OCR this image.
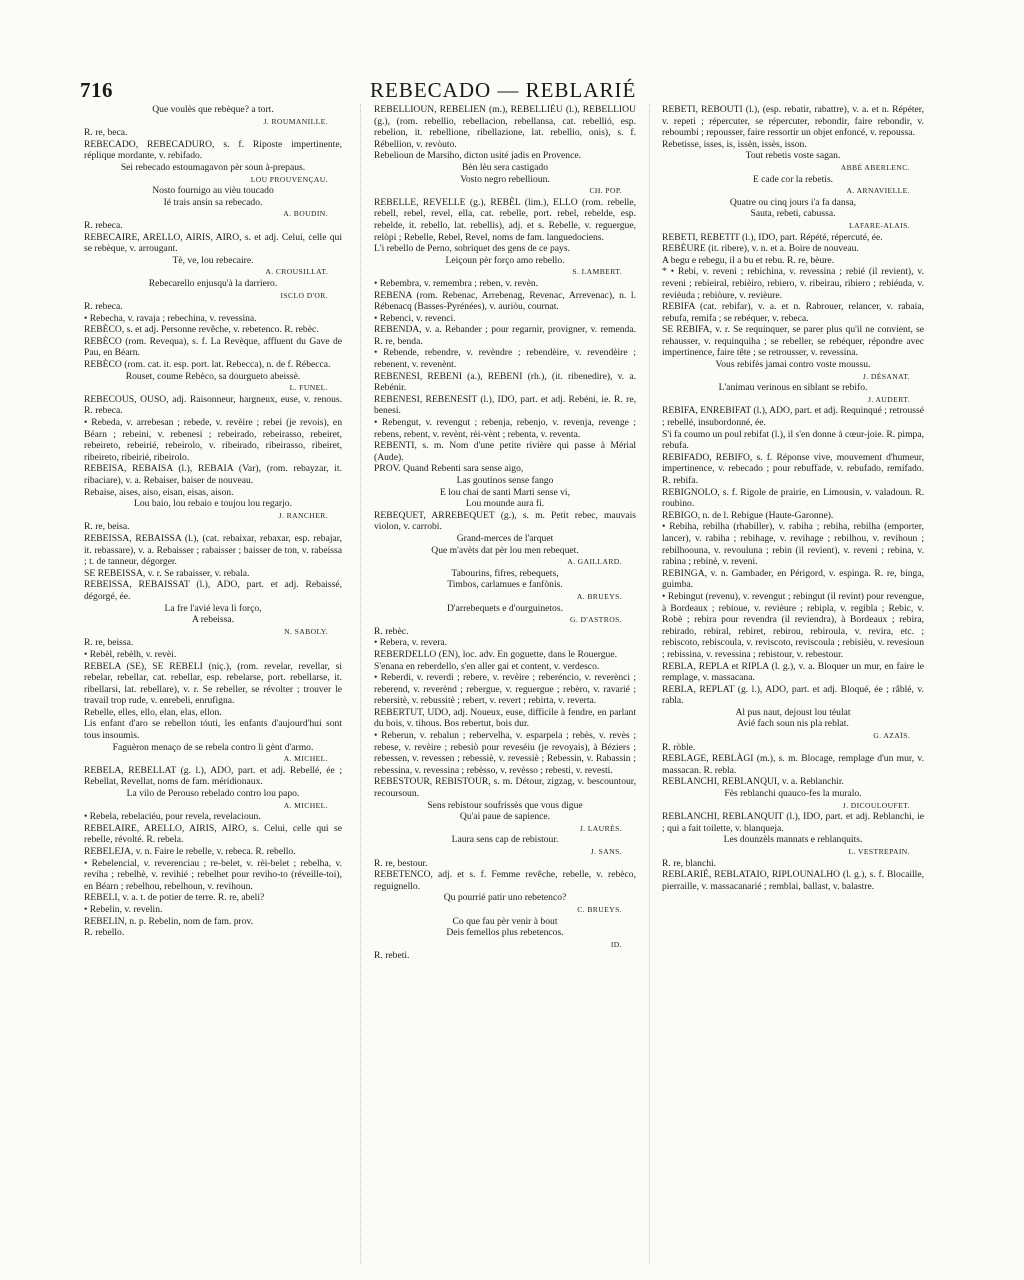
716	REBECADO — REBLARIÉ

Que voulès que rebèque? a tort.

J. ROUMANILLE.

R. re, beca.

REBECADO, REBECADURO, s. f. Riposte impertinente, réplique mordante, v. rebifado.

Sei rebecado estoumagavon pèr soun à-prepaus.

LOU PROUVENÇAU.

Nosto fournigo au vièu toucado

Ié trais ansin sa rebecado.

A. BOUDIN.

R. rebeca.

REBECAIRE, ARELLO, AIRIS, AIRO, s. et adj. Celui, celle qui se rebèque, v. arrougant.

Tè, ve, lou rebecaire.

A. CROUSILLAT.

Rebecarello enjusqu'à la darriero.

ISCLO D'OR.

R. rebeca.

• Rebecha, v. ravaja ; rebechina, v. revessina.

REBÈCO, s. et adj. Personne revêche, v. rebetenco. R. rebèc.

REBÈCO (rom. Revequa), s. f. La Revèque, affluent du Gave de Pau, en Béarn.

REBÈCO (rom. cat. it. esp. port. lat. Rebecca), n. de f. Rébecca.

Rouset, coume Rebèco, sa dourgueto abeissè.

L. FUNEL.

REBECOUS, OUSO, adj. Raisonneur, hargneux, euse, v. renous. R. rebeca.

• Rebeda, v. arrebesan ; rebede, v. revèire ; rebei (je revois), en Béarn ; rebeini, v. rebenesi ; rebeirado, rebeirasso, rebeiret, rebeireto, rebeirié, rebeirolo, v. ribeirado, ribeirasso, ribeiret, ribeireto, ribeirié, ribeirolo.

REBEISA, REBAISA (l.), REBAIA (Var), (rom. rebayzar, it. ribaciare), v. a. Rebaiser, baiser de nouveau.

Rebaise, aises, aiso, eisan, eisas, aison.

Lou baio, lou rebaio e toujou lou regarjo.

J. RANCHER.

R. re, beisa.

REBEISSA, REBAISSA (l.), (cat. rebaixar, rebaxar, esp. rebajar, it. rebassare), v. a. Rebaisser ; rabaisser ; baisser de ton, v. rabeissa ; t. de tanneur, dégorger.

SE REBEISSA, v. r. Se rabaisser, v. rebala.

REBEISSA, REBAISSAT (l.), ADO, part. et adj. Rebaissé, dégorgé, ée.

La fre l'avié leva li forço,

A rebeissa.

N. SABOLY.

R. re, beissa.

• Rebèl, rebèlh, v. revèi.

REBELA (SE), SE REBELI (niç.), (rom. revelar, revellar, si rebelar, rebellar, cat. rebellar, esp. rebelarse, port. rebellarse, it. ribellarsi, lat. rebellare), v. r. Se rebeller, se révolter ; trouver le travail trop rude, v. enrebeli, enrufigna.

Rebelle, elles, ello, elan, elas, ellon.

Lis enfant d'aro se rebellon tóuti, les enfants d'aujourd'hui sont tous insoumis.

Faguèron menaço de se rebela contro li gènt d'armo.

A. MICHEL.

REBELA, REBELLAT (g. l.), ADO, part. et adj. Rebellé, ée ; Rebellat, Revellat, noms de fam. méridionaux.

La vilo de Perouso rebelado contro lou papo.

A. MICHEL.

• Rebela, rebelaciéu, pour revela, revelacioun.

REBELAIRE, ARELLO, AIRIS, AIRO, s. Celui, celle qui se rebelle, révolté. R. rebela.

REBELEJA, v. n. Faire le rebelle, v. rebeca. R. rebello.

• Rebelencial, v. reverenciau ; re-belet, v. rèi-belet ; rebelha, v. reviha ; rebelhè, v. revihié ; rebelhet pour reviho-to (réveille-toi), en Béarn ; rebelhou, rebelhoun, v. revihoun.

REBELI, v. a. t. de potier de terre. R. re, abeli?

• Rebelin, v. revelin.

REBELIN, n. p. Rebelin, nom de fam. prov.

R. rebello.

REBELLIOUN, REBELIEN (m.), REBELLIÉU (l.), REBELLIOU (g.), (rom. rebellio, rebellacion, rebellansa, cat. rebellió, esp. rebelion, it. rebellione, ribellazione, lat. rebellio, onis), s. f. Rébellion, v. revòuto.

Rebelioun de Marsiho, dicton usité jadis en Provence.

Bèn lèu sera castigado

Vosto negro rebellioun.

CH. POP.

REBELLE, REVELLE (g.), REBÈL (lim.), ELLO (rom. rebelle, rebell, rebel, revel, ella, cat. rebelle, port. rebel, rebelde, esp. rebelde, it. rebello, lat. rebellis), adj. et s. Rebelle, v. reguergue, relòpi ; Rebelle, Rebel, Revel, noms de fam. languedociens.

L'i rebello de Perno, sobriquet des gens de ce pays.

Leiçoun pèr forço amo rebello.

S. LAMBERT.

• Rebembra, v. remembra ; reben, v. revèn.

REBENA (rom. Rebenac, Arrebenag, Revenac, Arrevenac), n. l. Rébenacq (Basses-Pyrénées), v. auriòu, cournat.

• Rebenci, v. revenci.

REBENDA, v. a. Rebander ; pour regarnir, provigner, v. remenda. R. re, benda.

• Rebende, rebendre, v. revèndre ; rebendèire, v. revendèire ; rebenent, v. revenènt.

REBENESI, REBENI (a.), REBENI (rh.), (it. ribenedire), v. a. Rebénir.

REBENESI, REBENESIT (l.), IDO, part. et adj. Rebéni, ie. R. re, benesi.

• Rebengut, v. revengut ; rebenja, rebenjo, v. revenja, revenge ; rebens, rebent, v. revènt, rèi-vènt ; rebenta, v. reventa.

REBENTI, s. m. Nom d'une petite rivière qui passe à Mérial (Aude).

PROV. Quand Rebenti sara sense aigo,

Las goutinos sense fango

E lou chai de santi Marti sense vi,

Lou mounde aura fi.

REBEQUET, ARREBEQUET (g.), s. m. Petit rebec, mauvais violon, v. carrobi.

Grand-merces de l'arquet

Que m'avèts dat pèr lou men rebequet.

A. GAILLARD.

Tabourins, fifres, rebequets,

Timbos, carlamues e fanfònis.

A. BRUEYS.

D'arrebequets e d'ourguinetos.

G. D'ASTROS.

R. rebèc.

• Rebera, v. revera.

REBERDELLO (EN), loc. adv. En goguette, dans le Rouergue.

S'enana en reberdello, s'en aller gai et content, v. verdesco.

• Reberdi, v. reverdi ; rebere, v. revèire ; reberéncio, v. reverènci ; reberend, v. reverènd ; rebergue, v. reguergue ; rebèro, v. ravarié ; rebersitè, v. rebussitè ; rebert, v. revert ; rebirta, v. reverta.

REBERTUT, UDO, adj. Noueux, euse, difficile à fendre, en parlant du bois, v. tihous. Bos rebertut, bois dur.

• Reberun, v. rebalun ; rebervelha, v. esparpela ; rebès, v. revès ; rebese, v. revèire ; rebesiò pour reveséiu (je revoyais), à Béziers ; rebessen, v. revessen ; rebessiè, v. revessiè ; Rebessin, v. Rabassin ; rebessina, v. revessina ; rebèsso, v. revèsso ; rebesti, v. revesti.

REBESTOUR, REBISTOUR, s. m. Détour, zigzag, v. bescountour, recoursoun.

Sens rebistour soufrissès que vous digue

Qu'ai paue de sapience.

J. LAURÈS.

Laura sens cap de rebistour.

J. SANS.

R. re, bestour.

REBETENCO, adj. et s. f. Femme revêche, rebelle, v. rebèco, reguignello.

Qu pourrié patir uno rebetenco?

C. BRUEYS.

Co que fau pèr venir à bout

Deis femellos plus rebetencos.

ID.

R. rebeti.

REBETI, REBOUTI (l.), (esp. rebatir, rabattre), v. a. et n. Répéter, v. repeti ; répercuter, se répercuter, rebondir, faire rebondir, v. reboumbi ; repousser, faire ressortir un objet enfoncé, v. repoussa.

Rebetisse, isses, is, issèn, issès, isson.

Tout rebetis voste sagan.

ABBÉ ABERLENC.

E cade cor la rebetis.

A. ARNAVIELLE.

Quatre ou cinq jours i'a fa dansa,

Sauta, rebeti, cabussa.

LAFARE-ALAIS.

REBETI, REBETIT (l.), IDO, part. Répété, répercuté, ée.

REBÈURE (it. ribere), v. n. et a. Boire de nouveau.

A begu e rebegu, il a bu et rebu. R. re, bèure.

* • Rebi, v. reveni ; rebichina, v. revessina ; rebié (il revient), v. reveni ; rebieiral, rebièiro, rebiero, v. ribeirau, ribiero ; rebiéuda, v. revièuda ; rebiòure, v. revièure.

REBIFA (cat. rebifar), v. a. et n. Rabrouer, relancer, v. rabaia, rebufa, remifa ; se rebéquer, v. rebeca.

SE REBIFA, v. r. Se requinquer, se parer plus qu'il ne convient, se rehausser, v. requinquiha ; se rebeller, se rebéquer, répondre avec impertinence, faire tête ; se retrousser, v. revessina.

Vous rebifès jamai contro voste moussu.

J. DÉSANAT.

L'animau verinous en siblant se rebifo.

J. AUDERT.

REBIFA, ENREBIFAT (l.), ADO, part. et adj. Requinqué ; retroussé ; rebellé, insubordonné, ée.

S'i fa coumo un poul rebifat (l.), il s'en donne à cœur-joie. R. pimpa, rebufa.

REBIFADO, REBIFO, s. f. Réponse vive, mouvement d'humeur, impertinence, v. rebecado ; pour rebuffade, v. rebufado, remifado. R. rebifa.

REBIGNOLO, s. f. Rigole de prairie, en Limousin, v. valadoun. R. roubino.

REBIGO, n. de l. Rebigue (Haute-Garonne).

• Rebiha, rebilha (rhabiller), v. rabiha ; rebiha, rebilha (emporter, lancer), v. rabiha ; rebihage, v. revihage ; rebilhou, v. revihoun ; rebilhoouna, v. revouluna ; rebin (il revient), v. reveni ; rebina, v. rabina ; rebinè, v. reveni.

REBINGA, v. n. Gambader, en Périgord, v. espinga. R. re, binga, guimba.

• Rebingut (revenu), v. revengut ; rebingut (il revint) pour revengue, à Bordeaux ; rebioue, v. revièure ; rebipla, v. regibla ; Rebic, v. Robè ; rebira pour revendra (il reviendra), à Bordeaux ; rebira, rebirado, rebiral, rebiret, rebirou, rebiroula, v. revira, etc. ; rebiscoto, rebiscoula, v. reviscoto, reviscoula ; rebisièu, v. revesioun ; rebissina, v. revessina ; rebistour, v. rebestour.

REBLA, REPLA et RIPLA (l. g.), v. a. Bloquer un mur, en faire le remplage, v. massacana.

REBLA, REPLAT (g. l.), ADO, part. et adj. Bloqué, ée ; râblé, v. rabla.

Al pus naut, dejoust lou téulat

Avié fach soun nis pla reblat.

G. AZAÏS.

R. ròble.

REBLAGE, REBLÀGI (m.), s. m. Blocage, remplage d'un mur, v. massacan. R. rebla.

REBLANCHI, REBLANQUI, v. a. Reblanchir.

Fès reblanchi quauco-fes la muralo.

J. DICOULOUFET.

REBLANCHI, REBLANQUIT (l.), IDO, part. et adj. Reblanchi, ie ; qui a fait toilette, v. blanqueja.

Les dounzèls mannats e reblanquits.

L. VESTREPAIN.

R. re, blanchi.

REBLARIÉ, REBLATAIO, RIPLOUNALHO (l. g.), s. f. Blocaille, pierraille, v. massacanarié ; remblai, ballast, v. balastre.
